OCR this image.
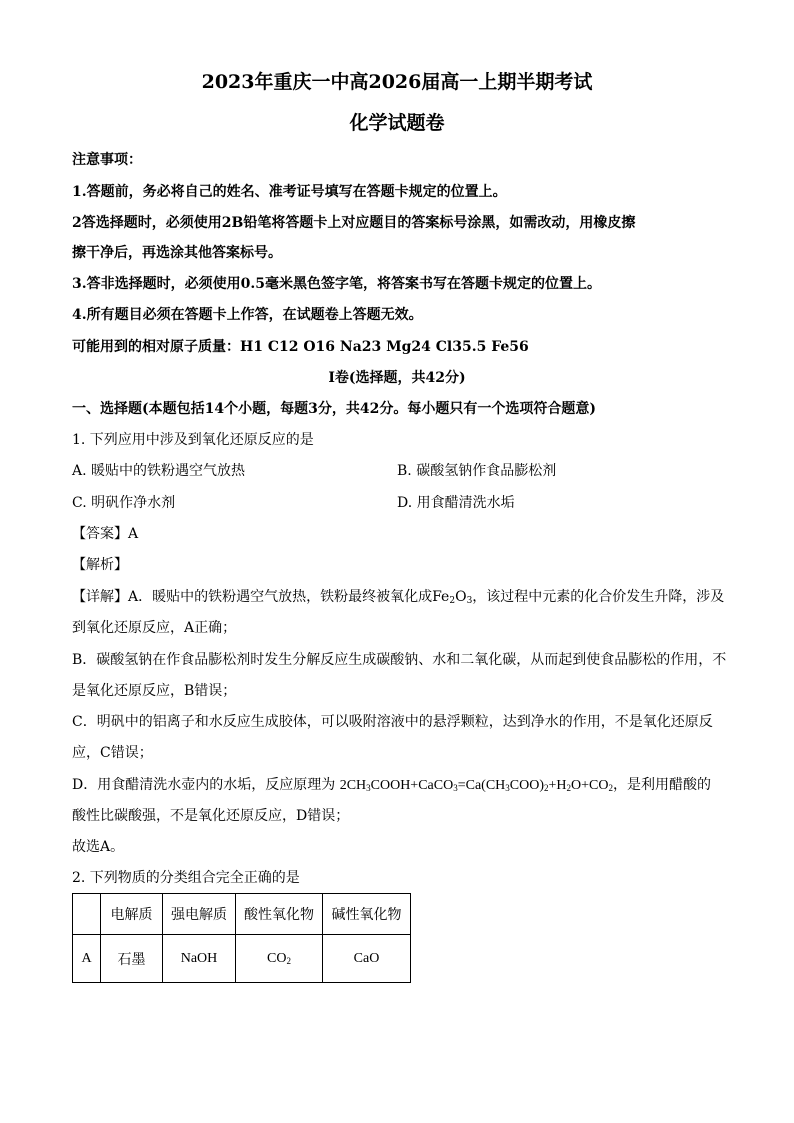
2023年重庆一中高2026届高一上期半期考试
化学试题卷
注意事项：
1.答题前，务必将自己的姓名、准考证号填写在答题卡规定的位置上。
2答选择题时，必须使用2B铅笔将答题卡上对应题目的答案标号涂黑，如需改动，用橡皮擦
擦干净后，再选涂其他答案标号。
3.答非选择题时，必须使用0.5毫米黑色签字笔，将答案书写在答题卡规定的位置上。
4.所有题目必须在答题卡上作答，在试题卷上答题无效。
可能用到的相对原子质量：H1 C12 O16 Na23 Mg24 Cl35.5 Fe56
I卷(选择题，共42分)
一、选择题(本题包括14个小题，每题3分，共42分。每小题只有一个选项符合题意)
1. 下列应用中涉及到氧化还原反应的是
A. 暖贴中的铁粉遇空气放热	B. 碳酸氢钠作食品膨松剂
C. 明矾作净水剂	D. 用食醋清洗水垢
【答案】A
【解析】
【详解】A．暖贴中的铁粉遇空气放热，铁粉最终被氧化成$Fe_2O_3$，该过程中元素的化合价发生升降，涉及
到氧化还原反应，A正确；
B．碳酸氢钠在作食品膨松剂时发生分解反应生成碳酸钠、水和二氧化碳，从而起到使食品膨松的作用，不
是氧化还原反应，B错误；
C．明矾中的铝离子和水反应生成胶体，可以吸附溶液中的悬浮颗粒，达到净水的作用，不是氧化还原反
应，C错误；
D．用食醋清洗水壶内的水垢，反应原理为 $2CH_3COOH+CaCO_3=Ca(CH_3COO)_2+H_2O+CO_2$，是利用醋酸的
酸性比碳酸强，不是氧化还原反应，D错误；
故选A。
2. 下列物质的分类组合完全正确的是
	电解质	强电解质	酸性氧化物	碱性氧化物
A	石墨	NaOH	$CO_2$	CaO
